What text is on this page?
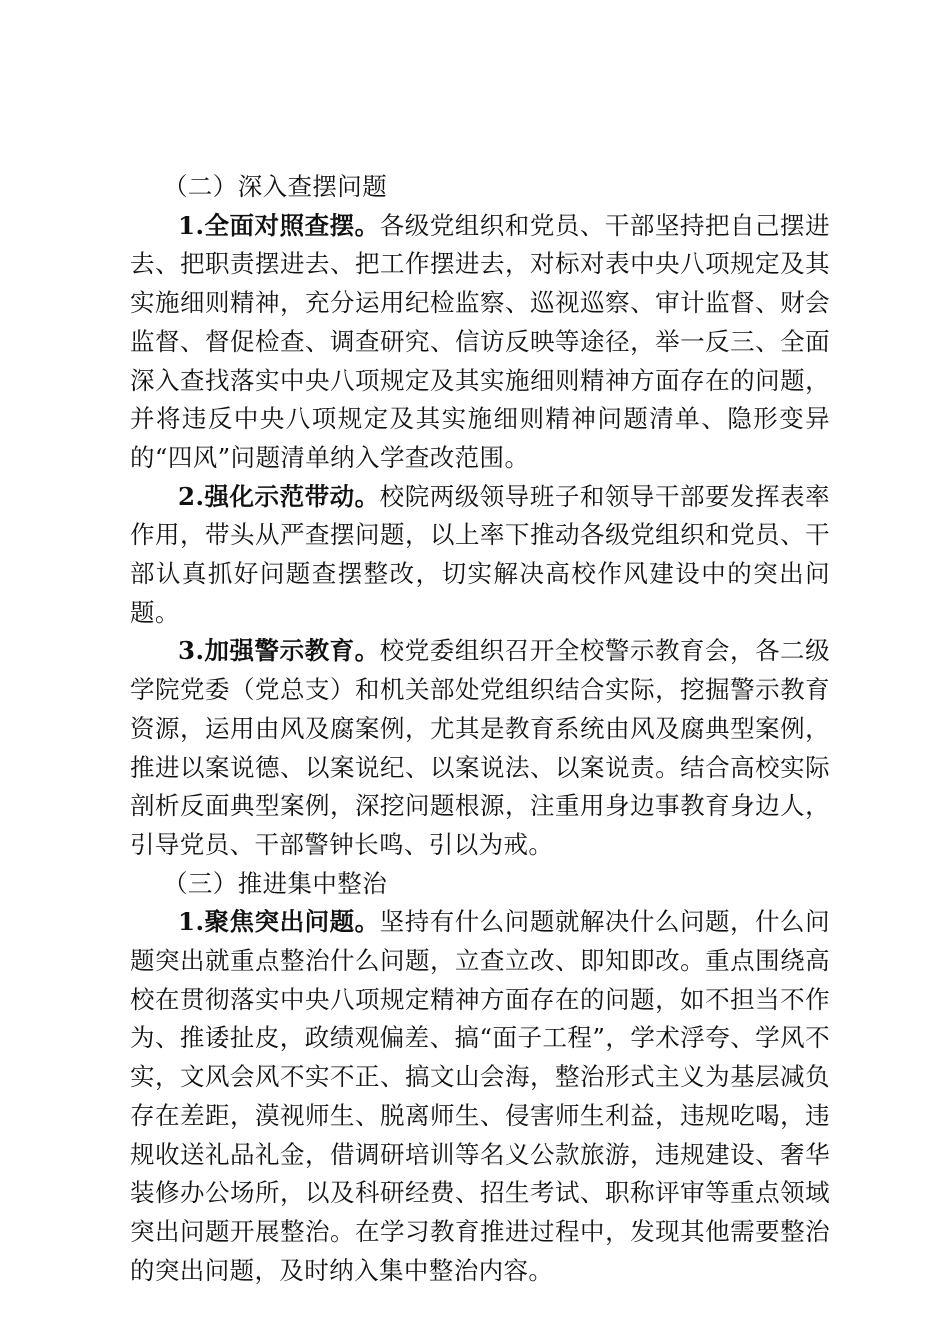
（二）深入查摆问题

1.全面对照查摆。各级党组织和党员、干部坚持把自己摆进去、把职责摆进去、把工作摆进去，对标对表中央八项规定及其实施细则精神，充分运用纪检监察、巡视巡察、审计监督、财会监督、督促检查、调查研究、信访反映等途径，举一反三、全面深入查找落实中央八项规定及其实施细则精神方面存在的问题，并将违反中央八项规定及其实施细则精神问题清单、隐形变异的“四风”问题清单纳入学查改范围。

2.强化示范带动。校院两级领导班子和领导干部要发挥表率作用，带头从严查摆问题，以上率下推动各级党组织和党员、干部认真抓好问题查摆整改，切实解决高校作风建设中的突出问题。

3.加强警示教育。校党委组织召开全校警示教育会，各二级学院党委（党总支）和机关部处党组织结合实际，挖掘警示教育资源，运用由风及腐案例，尤其是教育系统由风及腐典型案例，推进以案说德、以案说纪、以案说法、以案说责。结合高校实际剖析反面典型案例，深挖问题根源，注重用身边事教育身边人，引导党员、干部警钟长鸣、引以为戒。

（三）推进集中整治

1.聚焦突出问题。坚持有什么问题就解决什么问题，什么问题突出就重点整治什么问题，立查立改、即知即改。重点围绕高校在贯彻落实中央八项规定精神方面存在的问题，如不担当不作为、推诿扯皮，政绩观偏差、搞“面子工程”，学术浮夸、学风不实，文风会风不实不正、搞文山会海，整治形式主义为基层减负存在差距，漠视师生、脱离师生、侵害师生利益，违规吃喝，违规收送礼品礼金，借调研培训等名义公款旅游，违规建设、奢华装修办公场所，以及科研经费、招生考试、职称评审等重点领域突出问题开展整治。在学习教育推进过程中，发现其他需要整治的突出问题，及时纳入集中整治内容。
